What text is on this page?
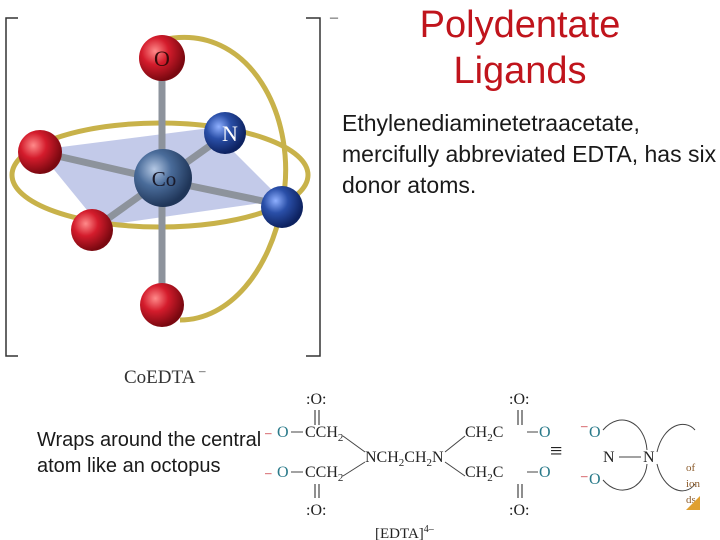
Polydentate
Ligands
Ethylenediaminetetraacetate, mercifully abbreviated EDTA, has six donor atoms.
O
N
Co
–
CoEDTA –
Wraps around the central atom like an octopus
:O:
– O $CCH_2$
$NCH_2CH_2N$
– O $CCH_2$
:O:
:O:
$CH_2C$ O
$CH_2C$ O
:O:
≡
– O
– O
N N
[EDTA]$^{4-}$
of
ion
ds
